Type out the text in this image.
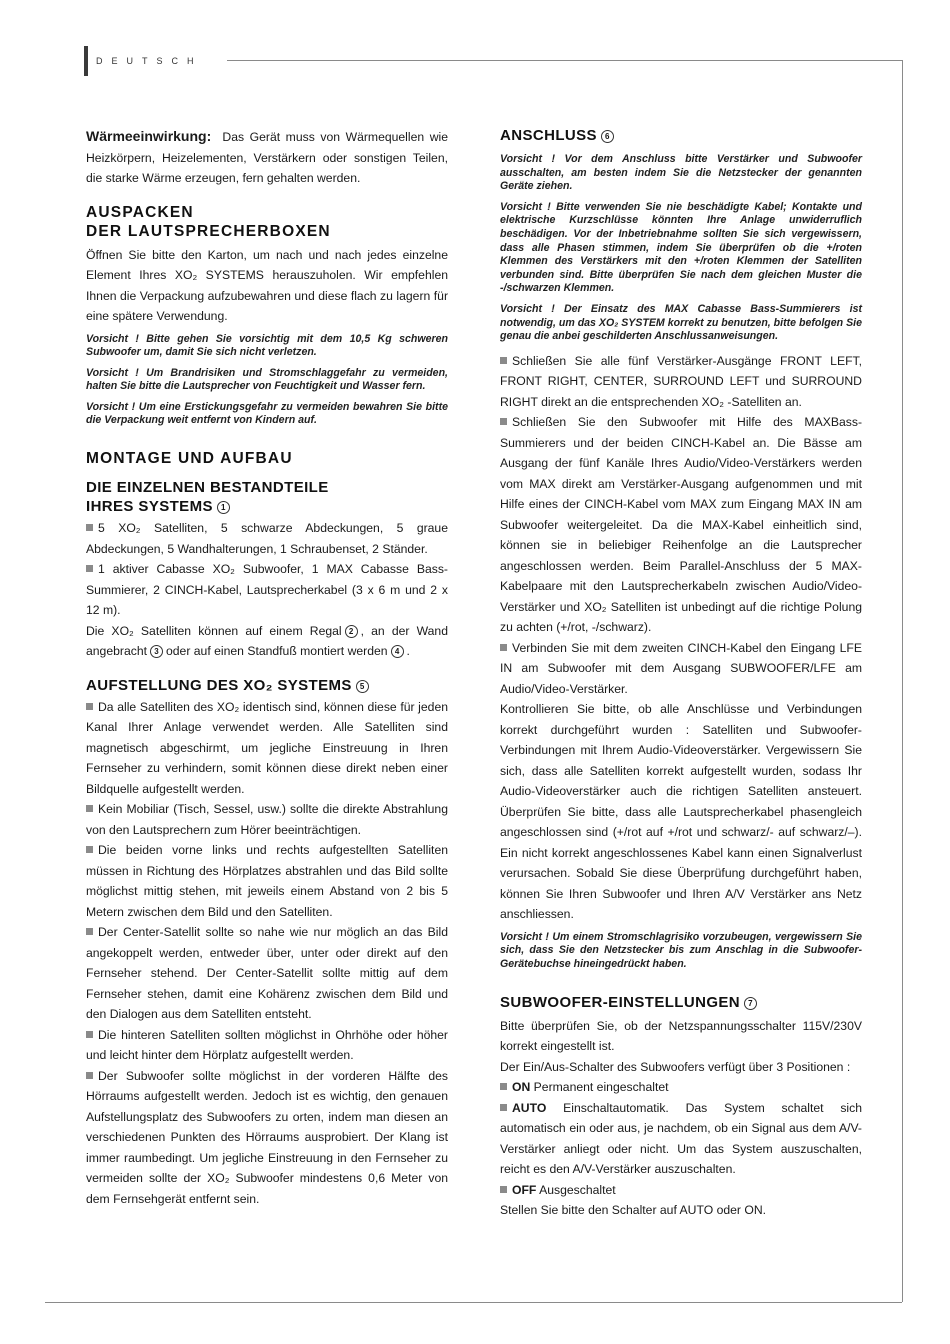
DEUTSCH

Wärmeeinwirkung: Das Gerät muss von Wärmequellen wie Heizkörpern, Heizelementen, Verstärkern oder sonstigen Teilen, die starke Wärme erzeugen, fern gehalten werden.

AUSPACKEN
DER LAUTSPRECHERBOXEN

Öffnen Sie bitte den Karton, um nach und nach jedes einzelne Element Ihres XO₂ SYSTEMS herauszuholen. Wir empfehlen Ihnen die Verpackung aufzubewahren und diese flach zu lagern für eine spätere Verwendung.

Vorsicht ! Bitte gehen Sie vorsichtig mit dem 10,5 Kg schweren Subwoofer um, damit Sie sich nicht verletzen.

Vorsicht ! Um Brandrisiken und Stromschlaggefahr zu vermeiden, halten Sie bitte die Lautsprecher von Feuchtigkeit und Wasser fern.

Vorsicht ! Um eine Erstickungsgefahr zu vermeiden bewahren Sie bitte die Verpackung weit entfernt von Kindern auf.

MONTAGE UND AUFBAU
DIE EINZELNEN BESTANDTEILE
IHRES SYSTEMS 1

5 XO₂ Satelliten, 5 schwarze Abdeckungen, 5 graue Abdeckungen, 5 Wandhalterungen, 1 Schraubenset, 2 Ständer.

1 aktiver Cabasse XO₂ Subwoofer, 1 MAX Cabasse Bass-Summierer, 2 CINCH-Kabel, Lautsprecherkabel (3 x 6 m und 2 x 12 m).

Die XO₂ Satelliten können auf einem Regal 2 , an der Wand angebracht 3 oder auf einen Standfuß montiert werden 4 .

AUFSTELLUNG DES XO₂ SYSTEMS 5

Da alle Satelliten des XO₂ identisch sind, können diese für jeden Kanal Ihrer Anlage verwendet werden. Alle Satelliten sind magnetisch abgeschirmt, um jegliche Einstreuung in Ihren Fernseher zu verhindern, somit können diese direkt neben einer Bildquelle aufgestellt werden.

Kein Mobiliar (Tisch, Sessel, usw.) sollte die direkte Abstrahlung von den Lautsprechern zum Hörer beeinträchtigen.

Die beiden vorne links und rechts aufgestellten Satelliten müssen in Richtung des Hörplatzes abstrahlen und das Bild sollte möglichst mittig stehen, mit jeweils einem Abstand von 2 bis 5 Metern zwischen dem Bild und den Satelliten.

Der Center-Satellit sollte so nahe wie nur möglich an das Bild angekoppelt werden, entweder über, unter oder direkt auf den Fernseher stehend. Der Center-Satellit sollte mittig auf dem Fernseher stehen, damit eine Kohärenz zwischen dem Bild und den Dialogen aus dem Satelliten entsteht.

Die hinteren Satelliten sollten möglichst in Ohrhöhe oder höher und leicht hinter dem Hörplatz aufgestellt werden.

Der Subwoofer sollte möglichst in der vorderen Hälfte des Hörraums aufgestellt werden. Jedoch ist es wichtig, den genauen Aufstellungsplatz des Subwoofers zu orten, indem man diesen an verschiedenen Punkten des Hörraums ausprobiert. Der Klang ist immer raumbedingt. Um jegliche Einstreuung in den Fernseher zu vermeiden sollte der XO₂ Subwoofer mindestens 0,6 Meter von dem Fernsehgerät entfernt sein.

ANSCHLUSS 6

Vorsicht ! Vor dem Anschluss bitte Verstärker und Subwoofer ausschalten, am besten indem Sie die Netzstecker der genannten Geräte ziehen.

Vorsicht ! Bitte verwenden Sie nie beschädigte Kabel; Kontakte und elektrische Kurzschlüsse könnten Ihre Anlage unwiderruflich beschädigen. Vor der Inbetriebnahme sollten Sie sich vergewissern, dass alle Phasen stimmen, indem Sie überprüfen ob die +/roten Klemmen des Verstärkers mit den +/roten Klemmen der Satelliten verbunden sind. Bitte überprüfen Sie nach dem gleichen Muster die -/schwarzen Klemmen.

Vorsicht ! Der Einsatz des MAX Cabasse Bass-Summierers ist notwendig, um das XO₂ SYSTEM korrekt zu benutzen, bitte befolgen Sie genau die anbei geschilderten Anschlussanweisungen.

Schließen Sie alle fünf Verstärker-Ausgänge FRONT LEFT, FRONT RIGHT, CENTER, SURROUND LEFT und SURROUND RIGHT direkt an die entsprechenden XO₂ -Satelliten an.

Schließen Sie den Subwoofer mit Hilfe des MAXBass-Summierers und der beiden CINCH-Kabel an. Die Bässe am Ausgang der fünf Kanäle Ihres Audio/Video-Verstärkers werden vom MAX direkt am Verstärker-Ausgang aufgenommen und mit Hilfe eines der CINCH-Kabel vom MAX zum Eingang MAX IN am Subwoofer weitergeleitet. Da die MAX-Kabel einheitlich sind, können sie in beliebiger Reihenfolge an die Lautsprecher angeschlossen werden. Beim Parallel-Anschluss der 5 MAX-Kabelpaare mit den Lautsprecherkabeln zwischen Audio/Video-Verstärker und XO₂ Satelliten ist unbedingt auf die richtige Polung zu achten (+/rot, -/schwarz).

Verbinden Sie mit dem zweiten CINCH-Kabel den Eingang LFE IN am Subwoofer mit dem Ausgang SUBWOOFER/LFE am Audio/Video-Verstärker.

Kontrollieren Sie bitte, ob alle Anschlüsse und Verbindungen korrekt durchgeführt wurden : Satelliten und Subwoofer-Verbindungen mit Ihrem Audio-Videoverstärker. Vergewissern Sie sich, dass alle Satelliten korrekt aufgestellt wurden, sodass Ihr Audio-Videoverstärker auch die richtigen Satelliten ansteuert. Überprüfen Sie bitte, dass alle Lautsprecherkabel phasengleich angeschlossen sind (+/rot auf +/rot und schwarz/- auf schwarz/–). Ein nicht korrekt angeschlossenes Kabel kann einen Signalverlust verursachen. Sobald Sie diese Überprüfung durchgeführt haben, können Sie Ihren Subwoofer und Ihren A/V Verstärker ans Netz anschliessen.

Vorsicht ! Um einem Stromschlagrisiko vorzubeugen, vergewissern Sie sich, dass Sie den Netzstecker bis zum Anschlag in die Subwoofer-Gerätebuchse hineingedrückt haben.

SUBWOOFER-EINSTELLUNGEN 7

Bitte überprüfen Sie, ob der Netzspannungsschalter 115V/230V korrekt eingestellt ist.

Der Ein/Aus-Schalter des Subwoofers verfügt über 3 Positionen :

ON Permanent eingeschaltet

AUTO Einschaltautomatik. Das System schaltet sich automatisch ein oder aus, je nachdem, ob ein Signal aus dem A/V-Verstärker anliegt oder nicht. Um das System auszuschalten, reicht es den A/V-Verstärker auszuschalten.

OFF Ausgeschaltet

Stellen Sie bitte den Schalter auf AUTO oder ON.
